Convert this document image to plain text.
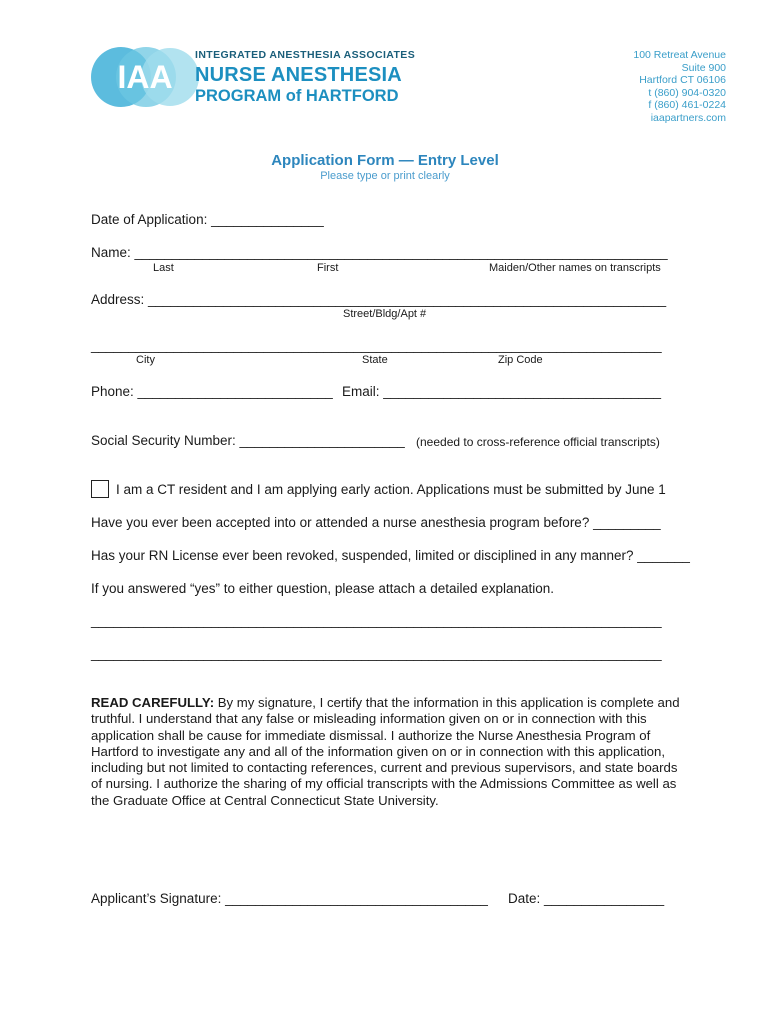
IAA
INTEGRATED ANESTHESIA ASSOCIATES
NURSE ANESTHESIA
PROGRAM of HARTFORD
100 Retreat Avenue
Suite 900
Hartford CT 06106
t (860) 904-0320
f (860) 461-0224
iaapartners.com
Application Form — Entry Level
Please type or print clearly
Date of Application: _______________
Name: _______________________________________________________________________
Last	First	Maiden/Other names on transcripts
Address: _____________________________________________________________________
Street/Bldg/Apt #
____________________________________________________________________________
City	State	Zip Code
Phone: __________________________ Email: _____________________________________
Social Security Number: ______________________ (needed to cross-reference official transcripts)
I am a CT resident and I am applying early action. Applications must be submitted by June 1
Have you ever been accepted into or attended a nurse anesthesia program before? _________
Has your RN License ever been revoked, suspended, limited or disciplined in any manner? _______
If you answered “yes” to either question, please attach a detailed explanation.
____________________________________________________________________________
____________________________________________________________________________
READ CAREFULLY: By my signature, I certify that the information in this application is complete and truthful. I understand that any false or misleading information given on or in connection with this application shall be cause for immediate dismissal. I authorize the Nurse Anesthesia Program of Hartford to investigate any and all of the information given on or in connection with this application, including but not limited to contacting references, current and previous supervisors, and state boards of nursing. I authorize the sharing of my official transcripts with the Admissions Committee as well as the Graduate Office at Central Connecticut State University.
Applicant’s Signature: ___________________________________ Date: ________________
